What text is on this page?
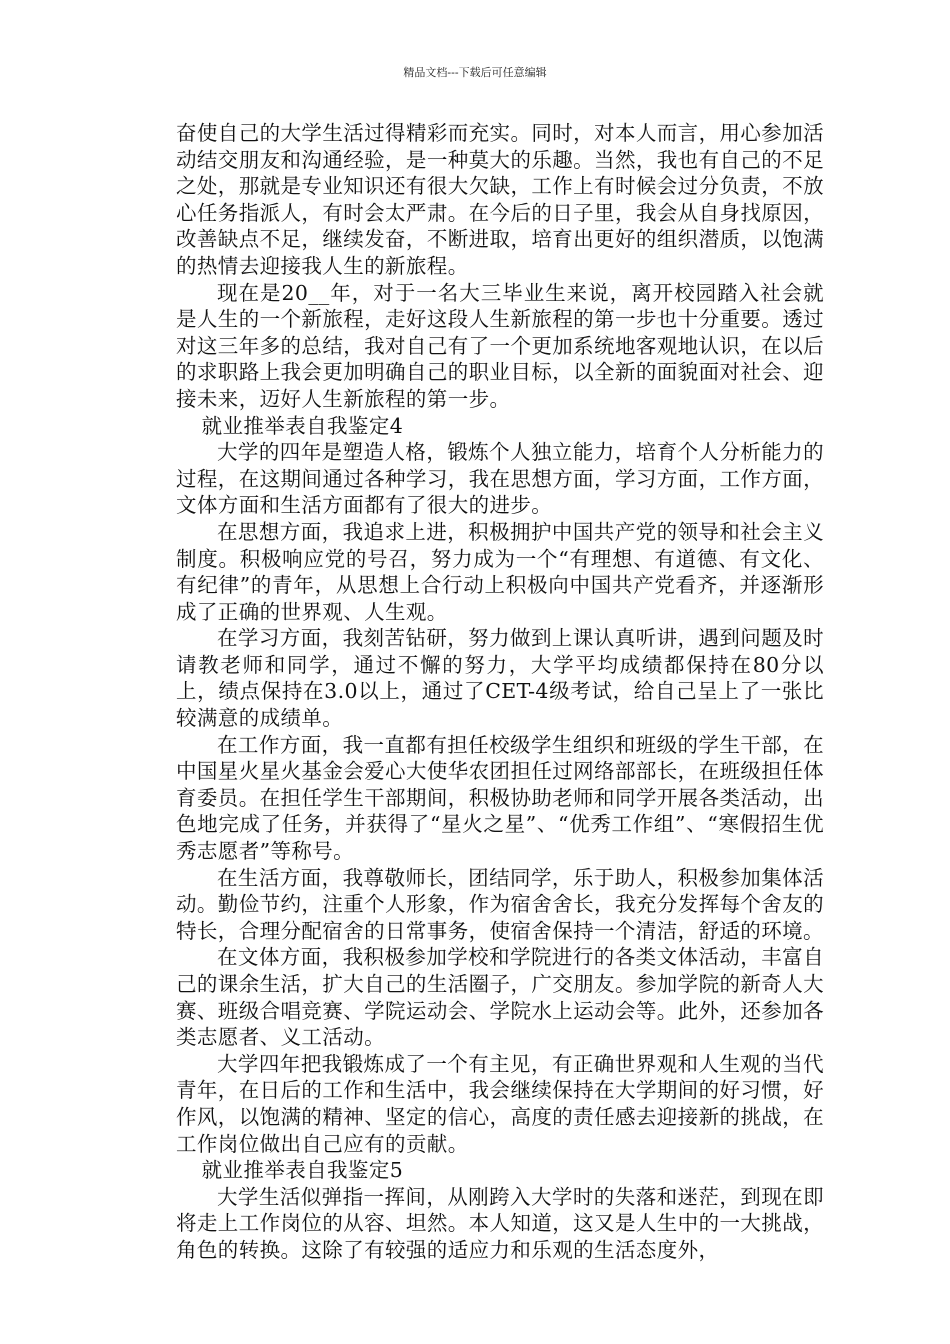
精品文档---下载后可任意编辑

奋使自己的大学生活过得精彩而充实。同时，对本人而言，用心参加活动结交朋友和沟通经验，是一种莫大的乐趣。当然，我也有自己的不足之处，那就是专业知识还有很大欠缺，工作上有时候会过分负责，不放心任务指派人，有时会太严肃。在今后的日子里，我会从自身找原因，改善缺点不足，继续发奋，不断进取，培育出更好的组织潜质，以饱满的热情去迎接我人生的新旅程。

现在是20__年，对于一名大三毕业生来说，离开校园踏入社会就是人生的一个新旅程，走好这段人生新旅程的第一步也十分重要。透过对这三年多的总结，我对自己有了一个更加系统地客观地认识，在以后的求职路上我会更加明确自己的职业目标，以全新的面貌面对社会、迎接未来，迈好人生新旅程的第一步。

就业推举表自我鉴定4

大学的四年是塑造人格，锻炼个人独立能力，培育个人分析能力的过程，在这期间通过各种学习，我在思想方面，学习方面，工作方面，文体方面和生活方面都有了很大的进步。

在思想方面，我追求上进，积极拥护中国共产党的领导和社会主义制度。积极响应党的号召，努力成为一个“有理想、有道德、有文化、有纪律”的青年，从思想上合行动上积极向中国共产党看齐，并逐渐形成了正确的世界观、人生观。

在学习方面，我刻苦钻研，努力做到上课认真听讲，遇到问题及时请教老师和同学，通过不懈的努力，大学平均成绩都保持在80分以上，绩点保持在3.0以上，通过了CET-4级考试，给自己呈上了一张比较满意的成绩单。

在工作方面，我一直都有担任校级学生组织和班级的学生干部，在中国星火星火基金会爱心大使华农团担任过网络部部长，在班级担任体育委员。在担任学生干部期间，积极协助老师和同学开展各类活动，出色地完成了任务，并获得了“星火之星”、“优秀工作组”、“寒假招生优秀志愿者”等称号。

在生活方面，我尊敬师长，团结同学，乐于助人，积极参加集体活动。勤俭节约，注重个人形象，作为宿舍舍长，我充分发挥每个舍友的特长，合理分配宿舍的日常事务，使宿舍保持一个清洁，舒适的环境。

在文体方面，我积极参加学校和学院进行的各类文体活动，丰富自己的课余生活，扩大自己的生活圈子，广交朋友。参加学院的新奇人大赛、班级合唱竞赛、学院运动会、学院水上运动会等。此外，还参加各类志愿者、义工活动。

大学四年把我锻炼成了一个有主见，有正确世界观和人生观的当代青年，在日后的工作和生活中，我会继续保持在大学期间的好习惯，好作风，以饱满的精神、坚定的信心，高度的责任感去迎接新的挑战，在工作岗位做出自己应有的贡献。

就业推举表自我鉴定5

大学生活似弹指一挥间，从刚跨入大学时的失落和迷茫，到现在即将走上工作岗位的从容、坦然。本人知道，这又是人生中的一大挑战，角色的转换。这除了有较强的适应力和乐观的生活态度外，
